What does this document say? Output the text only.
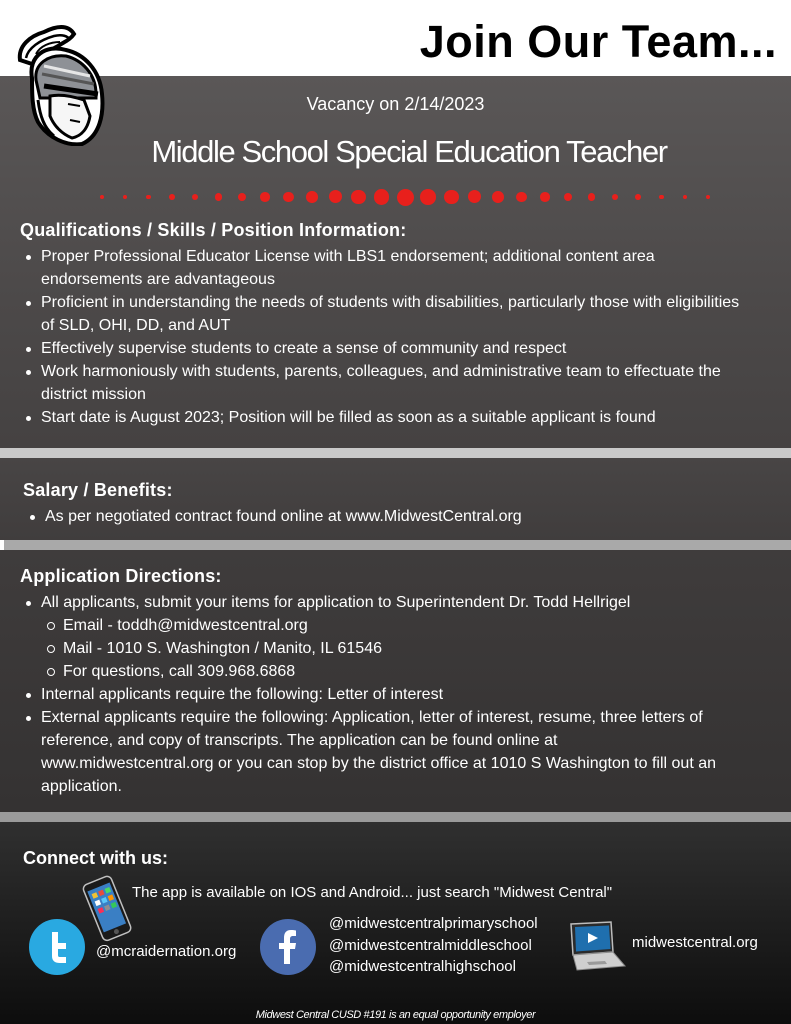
Join Our Team...
Vacancy on 2/14/2023
Middle School Special Education Teacher
Qualifications / Skills / Position Information:
Proper Professional Educator License with LBS1 endorsement; additional content area endorsements are advantageous
Proficient in understanding the needs of students with disabilities, particularly those with eligibilities of SLD, OHI, DD, and AUT
Effectively supervise students to create a sense of community and respect
Work harmoniously with students, parents, colleagues, and administrative team to effectuate the district mission
Start date is August 2023; Position will be filled as soon as a suitable applicant is found
Salary / Benefits:
As per negotiated contract found online at www.MidwestCentral.org
Application Directions:
All applicants, submit your items for application to Superintendent Dr. Todd Hellrigel
Email - toddh@midwestcentral.org
Mail - 1010 S. Washington / Manito, IL 61546
For questions, call 309.968.6868
Internal applicants require the following: Letter of interest
External applicants require the following: Application, letter of interest, resume, three letters of reference, and copy of transcripts. The application can be found online at www.midwestcentral.org or you can stop by the district office at 1010 S Washington to fill out an application.
Connect with us:
The app is available on IOS and Android... just search "Midwest Central"
@mcraidernation.org
@midwestcentralprimaryschool
@midwestcentralmiddleschool
@midwestcentralhighschool
midwestcentral.org
Midwest Central CUSD #191 is an equal opportunity employer
